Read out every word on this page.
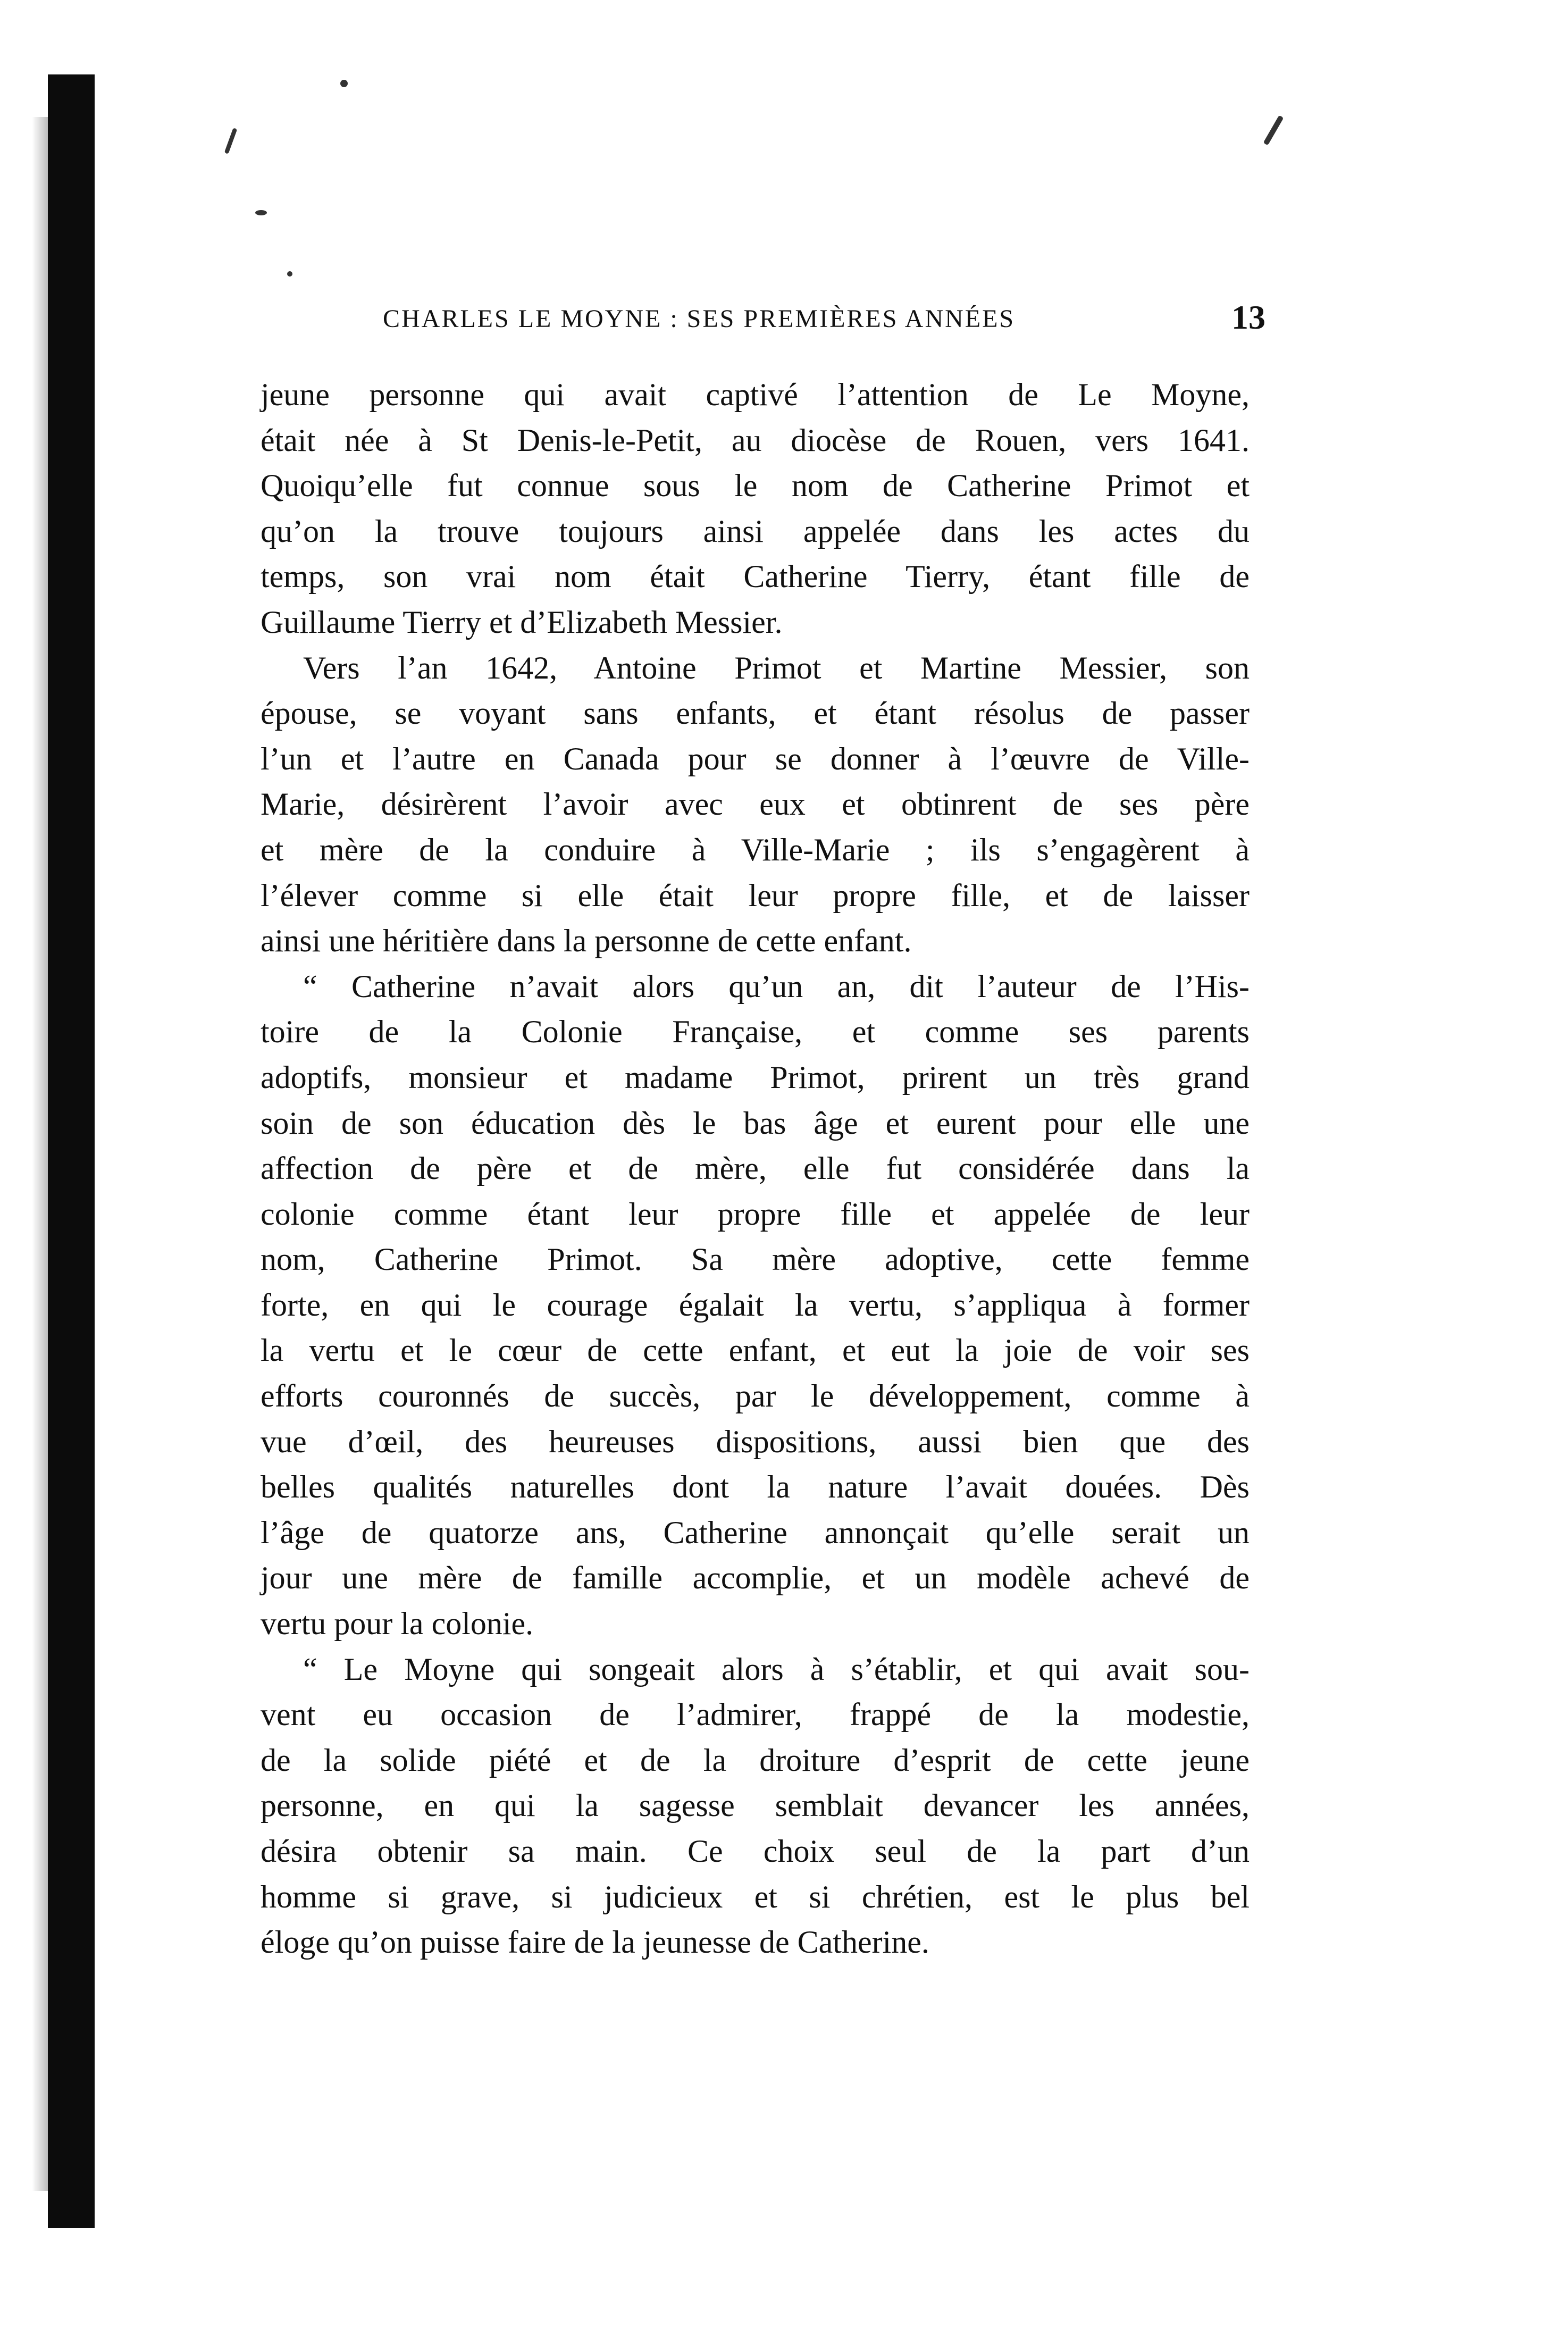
CHARLES LE MOYNE : SES PREMIÈRES ANNÉES	13

jeune personne qui avait captivé l’attention de Le Moyne,

était née à St Denis-le-Petit, au diocèse de Rouen, vers 1641.

Quoiqu’elle fut connue sous le nom de Catherine Primot et

qu’on la trouve toujours ainsi appelée dans les actes du

temps, son vrai nom était Catherine Tierry, étant fille de

Guillaume Tierry et d’Elizabeth Messier.

Vers l’an 1642, Antoine Primot et Martine Messier, son

épouse, se voyant sans enfants, et étant résolus de passer

l’un et l’autre en Canada pour se donner à l’œuvre de Ville-

Marie, désirèrent l’avoir avec eux et obtinrent de ses père

et mère de la conduire à Ville-Marie ; ils s’engagèrent à

l’élever comme si elle était leur propre fille, et de laisser

ainsi une héritière dans la personne de cette enfant.

“ Catherine n’avait alors qu’un an, dit l’auteur de l’His-

toire de la Colonie Française, et comme ses parents

adoptifs, monsieur et madame Primot, prirent un très grand

soin de son éducation dès le bas âge et eurent pour elle une

affection de père et de mère, elle fut considérée dans la

colonie comme étant leur propre fille et appelée de leur

nom, Catherine Primot. Sa mère adoptive, cette femme

forte, en qui le courage égalait la vertu, s’appliqua à former

la vertu et le cœur de cette enfant, et eut la joie de voir ses

efforts couronnés de succès, par le développement, comme à

vue d’œil, des heureuses dispositions, aussi bien que des

belles qualités naturelles dont la nature l’avait douées. Dès

l’âge de quatorze ans, Catherine annonçait qu’elle serait un

jour une mère de famille accomplie, et un modèle achevé de

vertu pour la colonie.

“ Le Moyne qui songeait alors à s’établir, et qui avait sou-

vent eu occasion de l’admirer, frappé de la modestie,

de la solide piété et de la droiture d’esprit de cette jeune

personne, en qui la sagesse semblait devancer les années,

désira obtenir sa main. Ce choix seul de la part d’un

homme si grave, si judicieux et si chrétien, est le plus bel

éloge qu’on puisse faire de la jeunesse de Catherine.
